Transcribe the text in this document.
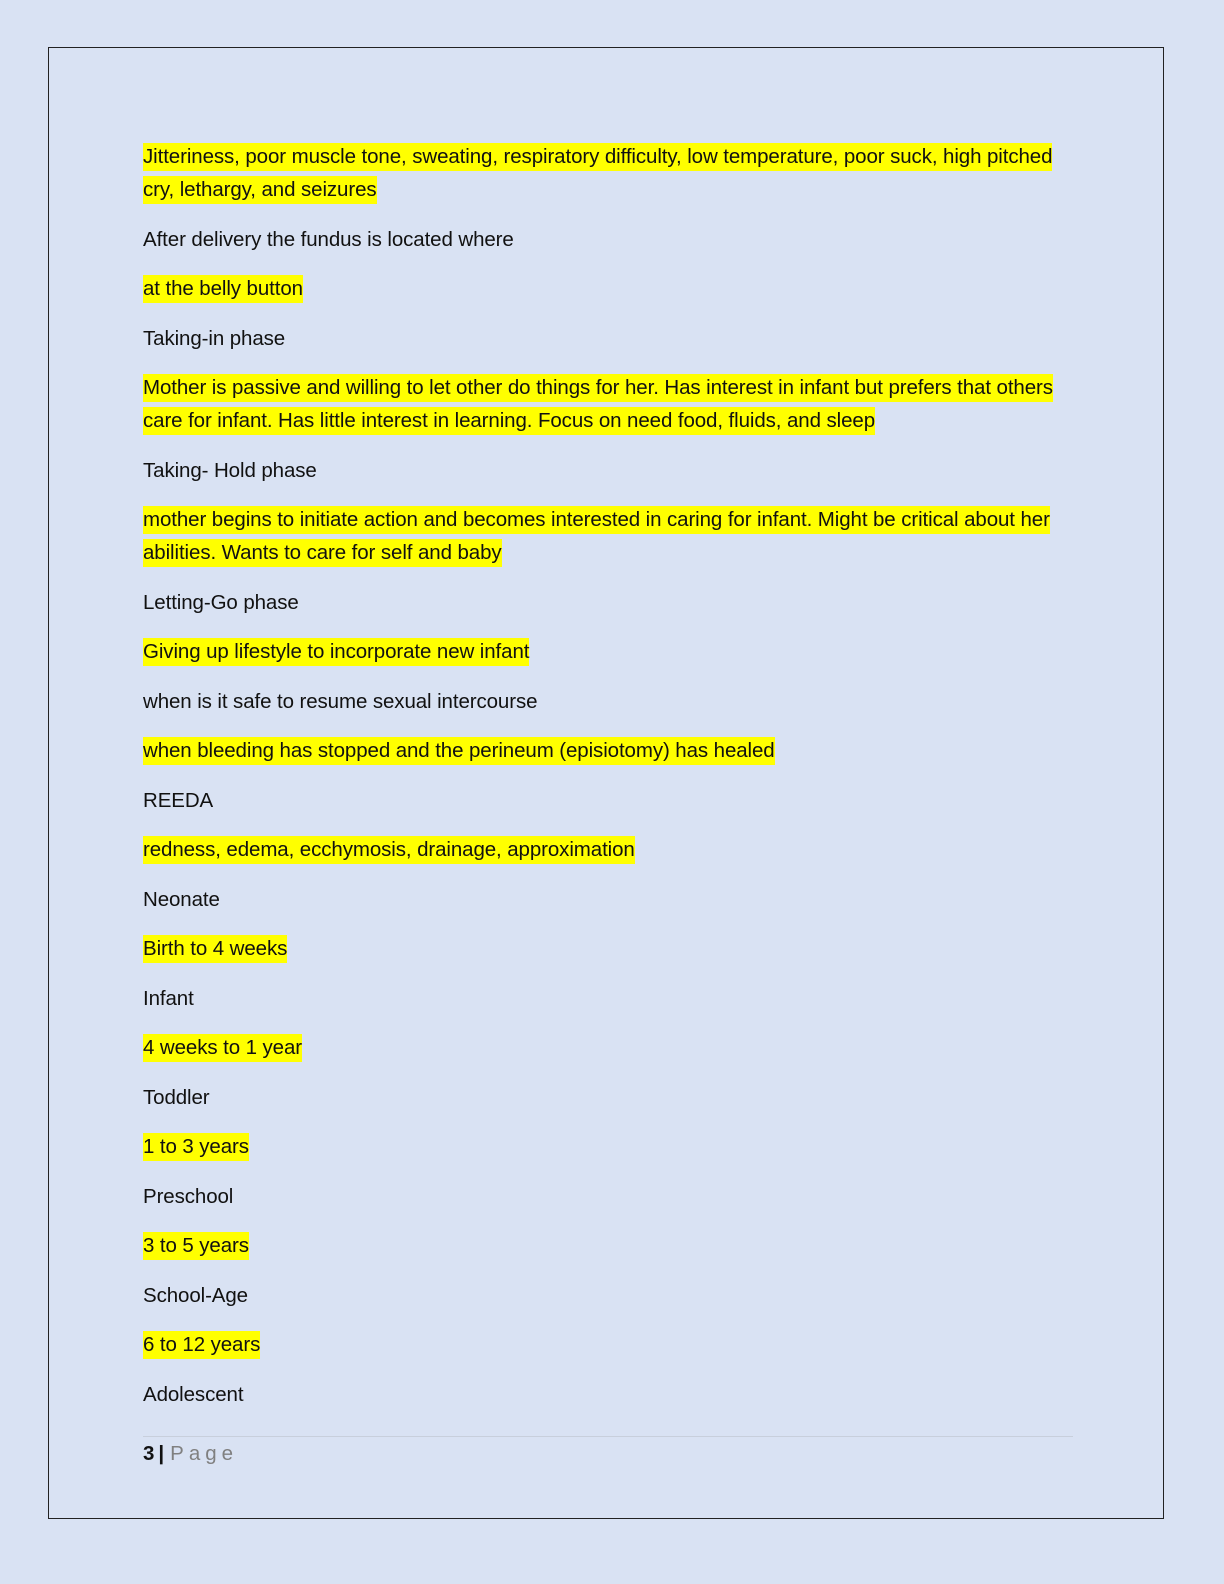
Jitteriness, poor muscle tone, sweating, respiratory difficulty, low temperature, poor suck, high pitched cry, lethargy, and seizures

After delivery the fundus is located where

at the belly button

Taking-in phase

Mother is passive and willing to let other do things for her. Has interest in infant but prefers that others care for infant. Has little interest in learning. Focus on need food, fluids, and sleep

Taking- Hold phase

mother begins to initiate action and becomes interested in caring for infant. Might be critical about her abilities. Wants to care for self and baby

Letting-Go phase

Giving up lifestyle to incorporate new infant

when is it safe to resume sexual intercourse

when bleeding has stopped and the perineum (episiotomy) has healed

REEDA

redness, edema, ecchymosis, drainage, approximation

Neonate

Birth to 4 weeks

Infant

4 weeks to 1 year

Toddler

1 to 3 years

Preschool

3 to 5 years

School-Age

6 to 12 years

Adolescent

3 | Page
